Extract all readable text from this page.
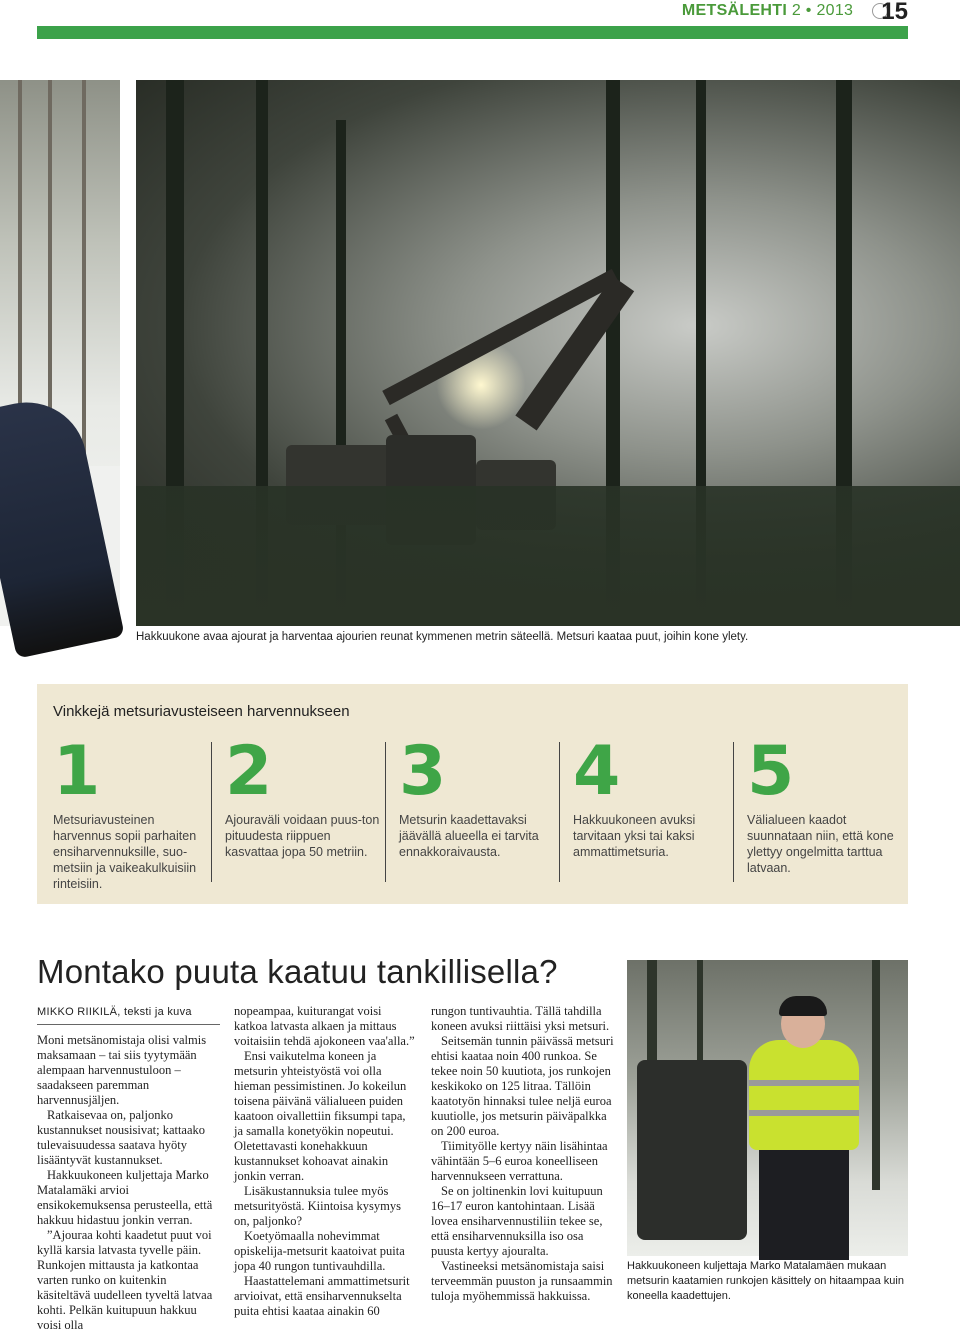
METSÄLEHTI 2 • 2013	15
Hakkuukone avaa ajourat ja harventaa ajourien reunat kymmenen metrin säteellä. Metsuri kaataa puut, joihin kone ylety.
Vinkkejä metsuriavusteiseen harvennukseen
1
Metsuriavusteinen harvennus sopii parhaiten ensiharvennuksille, suo-metsiin ja vaikeakulkuisiin rinteisiin.
2
Ajouraväli voidaan puus-ton pituudesta riippuen kasvattaa jopa 50 metriin.
3
Metsurin kaadettavaksi jäävällä alueella ei tarvita ennakkoraivausta.
4
Hakkuukoneen avuksi tarvitaan yksi tai kaksi ammattimetsuria.
5
Välialueen kaadot suunnataan niin, että kone ylettyy ongelmitta tarttua latvaan.
Montako puuta kaatuu tankillisella?
MIKKO RIIKILÄ, teksti ja kuva

Moni metsänomistaja olisi valmis maksamaan – tai siis tyytymään alempaan harvennustuloon – saadakseen paremman harvennusjäljen.

Ratkaisevaa on, paljonko kustannukset nousisivat; kattaako tulevaisuudessa saatava hyöty lisääntyvät kustannukset.

Hakkuukoneen kuljettaja Marko Matalamäki arvioi ensikokemuksensa perusteella, että hakkuu hidastuu jonkin verran.

”Ajouraa kohti kaadetut puut voi kyllä karsia latvasta tyvelle päin. Runkojen mittausta ja katkontaa varten runko on kuitenkin käsiteltävä uudelleen tyveltä latvaa kohti. Pelkän kuitupuun hakkuu voisi olla

nopeampaa, kuiturangat voisi katkoa latvasta alkaen ja mittaus voitaisiin tehdä ajokoneen vaa'alla.”

Ensi vaikutelma koneen ja metsurin yhteistyöstä voi olla hieman pessimistinen. Jo kokeilun toisena päivänä välialueen puiden kaatoon oivallettiin fiksumpi tapa, ja samalla konetyökin nopeutui. Oletettavasti konehakkuun kustannukset kohoavat ainakin jonkin verran.

Lisäkustannuksia tulee myös metsurityöstä. Kiintoisa kysymys on, paljonko?

Koetyömaalla nohevimmat opiskelija-metsurit kaatoivat puita jopa 40 rungon tuntivauhdilla.

Haastattelemani ammattimetsurit arvioivat, että ensiharvennukselta puita ehtisi kaataa ainakin 60

rungon tuntivauhtia. Tällä tahdilla koneen avuksi riittäisi yksi metsuri.

Seitsemän tunnin päivässä metsuri ehtisi kaataa noin 400 runkoa. Se tekee noin 50 kuutiota, jos runkojen keskikoko on 125 litraa. Tällöin kaatotyön hinnaksi tulee neljä euroa kuutiolle, jos metsurin päiväpalkka on 200 euroa.

Tiimityölle kertyy näin lisähintaa vähintään 5–6 euroa koneelliseen harvennukseen verrattuna.

Se on joltinenkin lovi kuitupuun 16–17 euron kantohintaan. Lisää lovea ensiharvennustiliin tekee se, että ensiharvennuksilla iso osa puusta kertyy ajouralta.

Vastineeksi metsänomistaja saisi terveemmän puuston ja runsaammin tuloja myöhemmissä hakkuissa.

Hakkuukoneen kuljettaja Marko Matalamäen mukaan metsurin kaatamien runkojen käsittely on hitaampaa kuin koneella kaadettujen.
